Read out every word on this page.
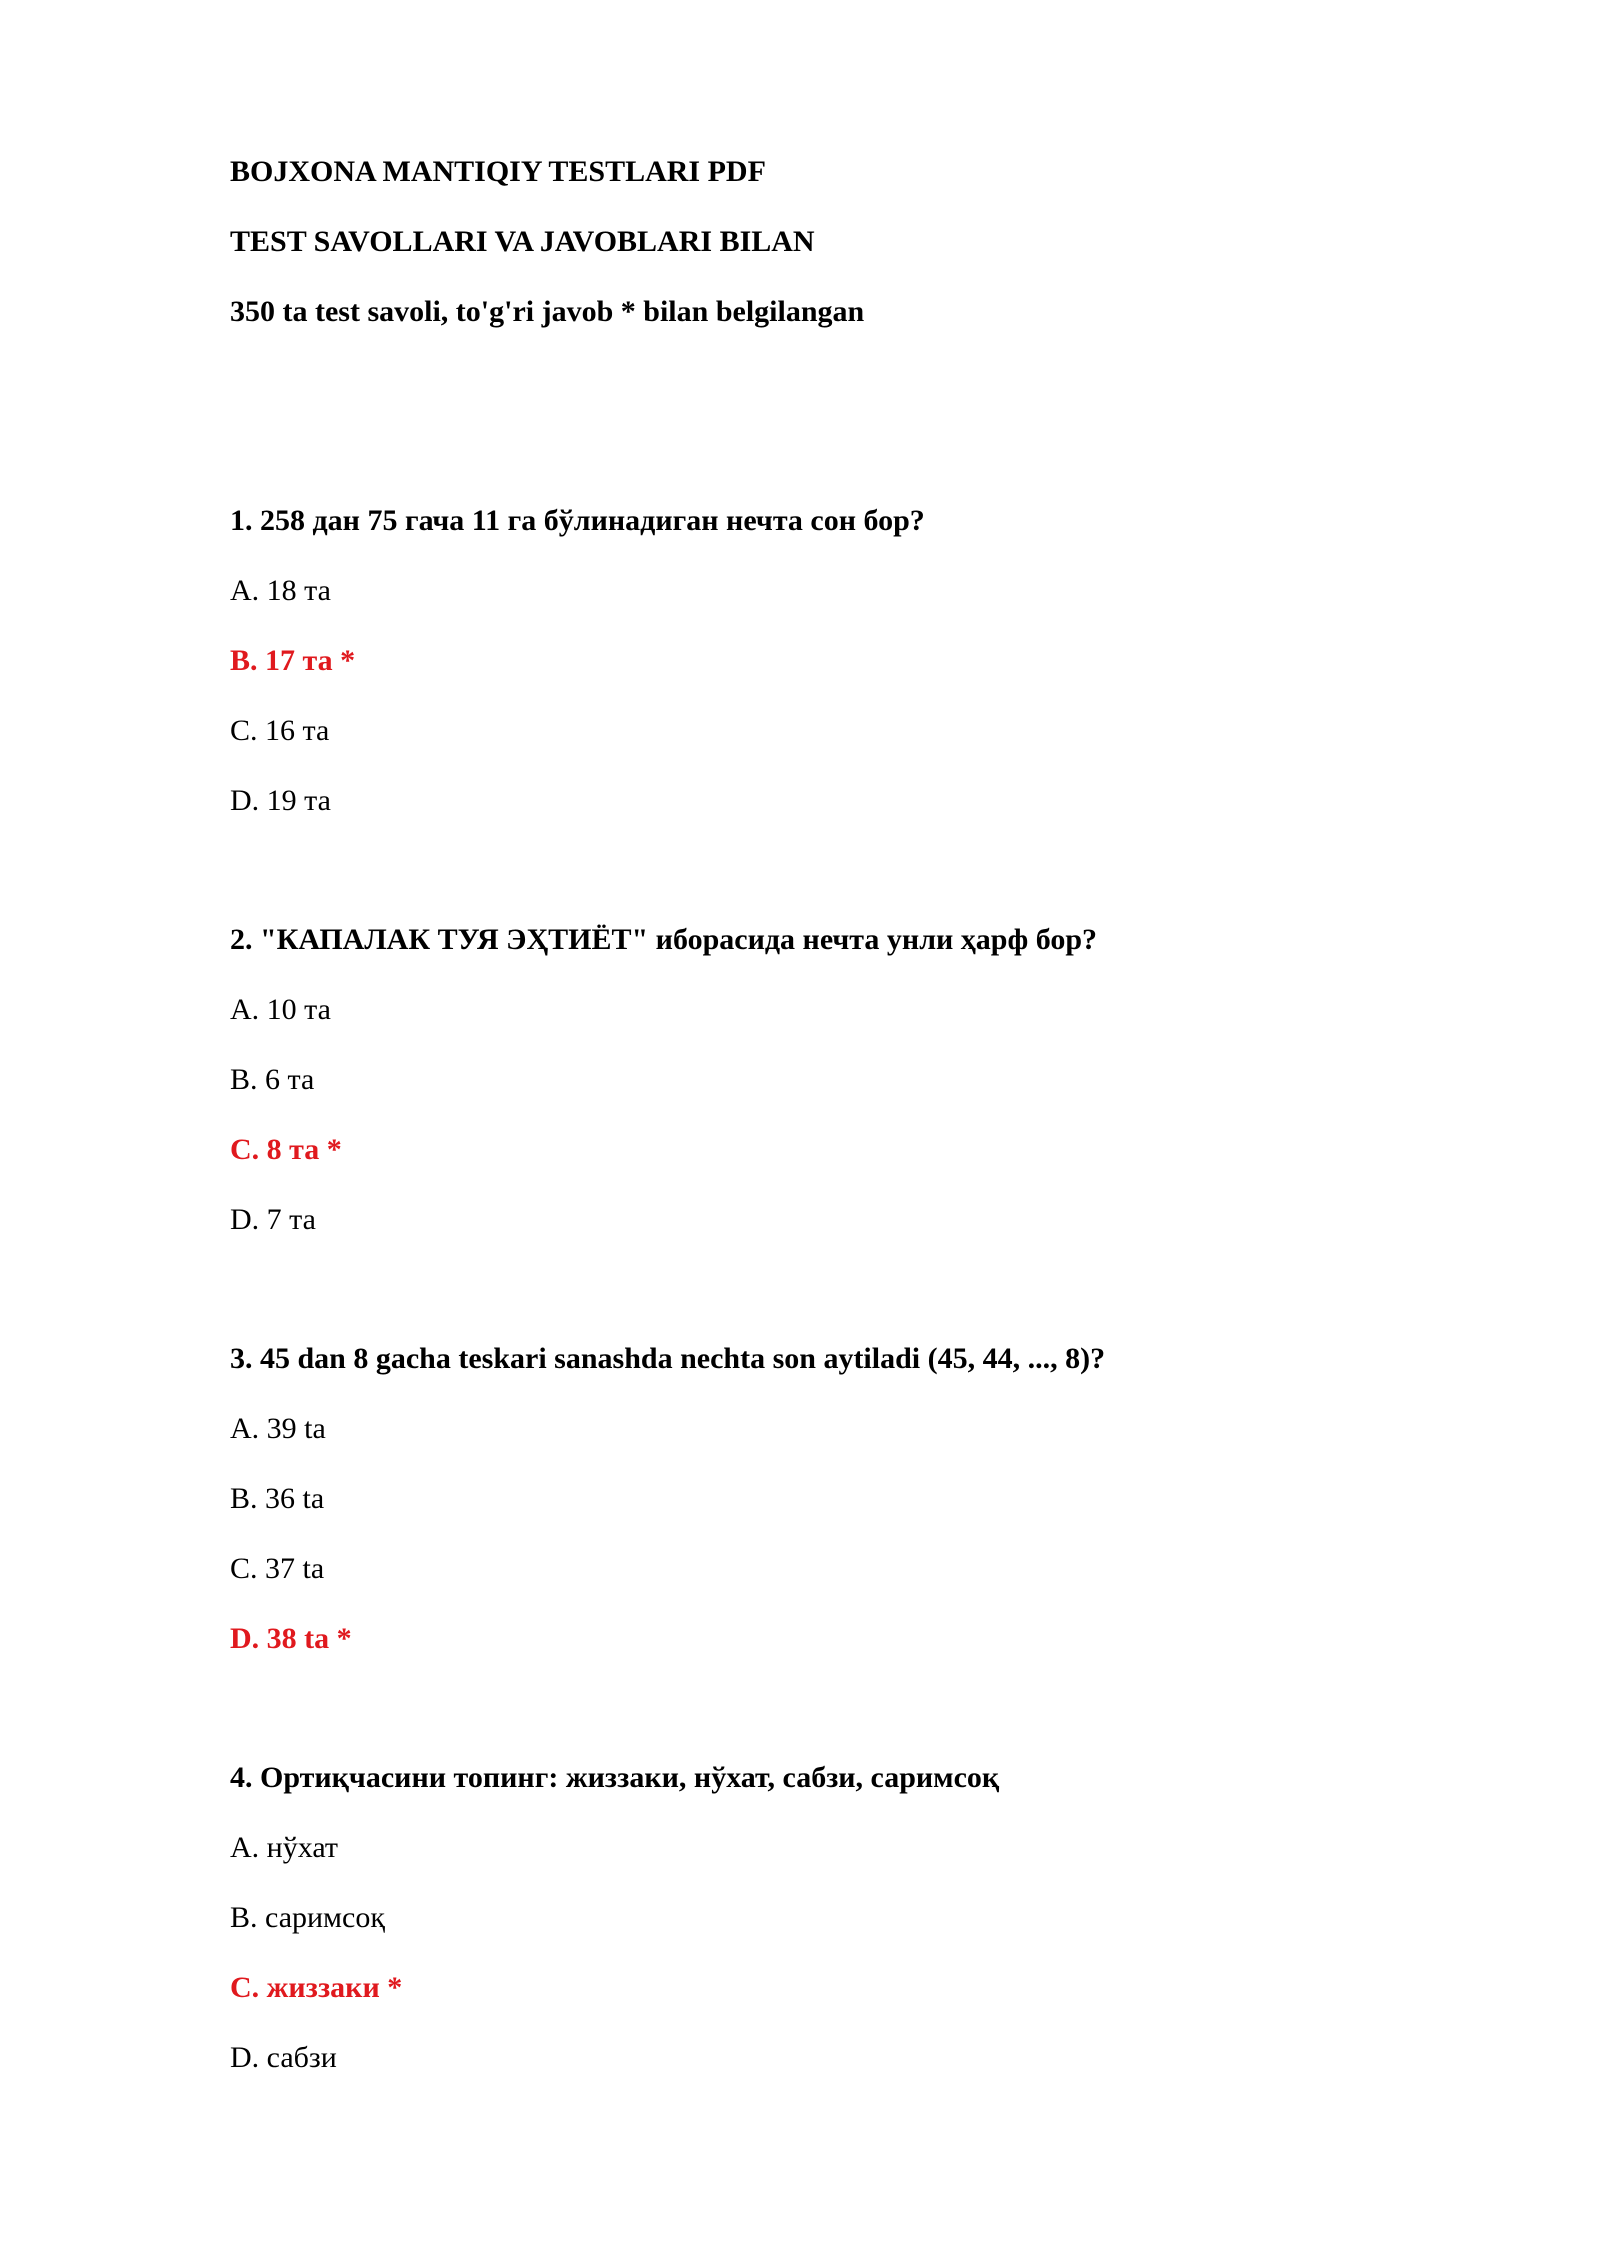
BOJXONA MANTIQIY TESTLARI PDF
TEST SAVOLLARI VA JAVOBLARI BILAN
350 ta test savoli, to'g'ri javob * bilan belgilangan
1. 258 дан 75 гача 11 га бўлинадиган нечта сон бор?
A. 18 та
B. 17 та *
C. 16 та
D. 19 та
2. "КАПАЛАК ТУЯ ЭҲТИЁТ" иборасида нечта унли ҳарф бор?
A. 10 та
B. 6 та
C. 8 та *
D. 7 та
3. 45 dan 8 gacha teskari sanashda nechta son aytiladi (45, 44, ..., 8)?
A. 39 ta
B. 36 ta
C. 37 ta
D. 38 ta *
4. Ортиқчасини топинг: жиззаки, нўхат, сабзи, саримсоқ
A. нўхат
B. саримсоқ
C. жиззаки *
D. сабзи
